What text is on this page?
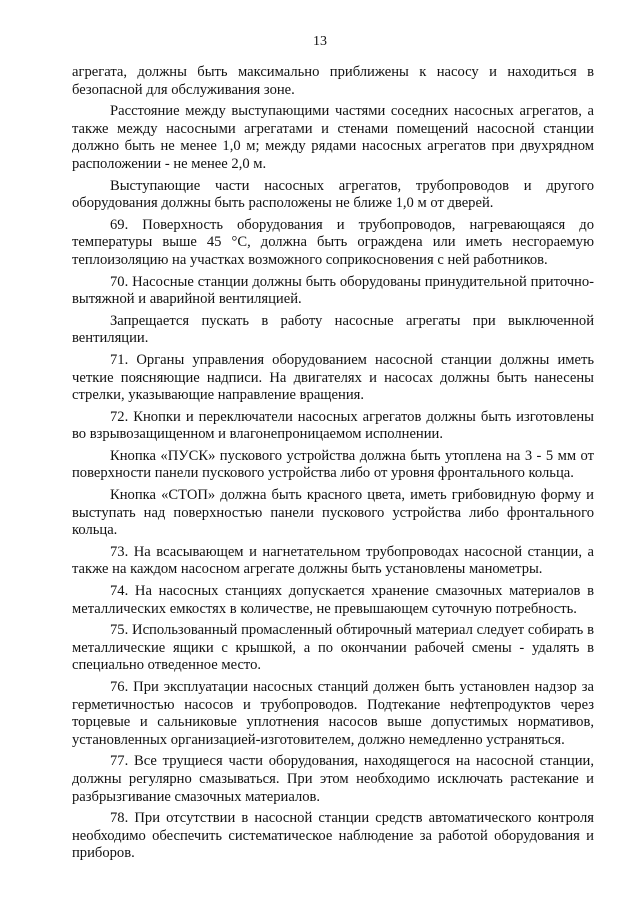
13

агрегата, должны быть максимально приближены к насосу и находиться в безопасной для обслуживания зоне.

Расстояние между выступающими частями соседних насосных агрегатов, а также между насосными агрегатами и стенами помещений насосной станции должно быть не менее 1,0 м; между рядами насосных агрегатов при двухрядном расположении - не менее 2,0 м.

Выступающие части насосных агрегатов, трубопроводов и другого оборудования должны быть расположены не ближе 1,0 м от дверей.

69. Поверхность оборудования и трубопроводов, нагревающаяся до температуры выше 45 °С, должна быть ограждена или иметь несгораемую теплоизоляцию на участках возможного соприкосновения с ней работников.

70. Насосные станции должны быть оборудованы принудительной приточно-вытяжной и аварийной вентиляцией.

Запрещается пускать в работу насосные агрегаты при выключенной вентиляции.

71. Органы управления оборудованием насосной станции должны иметь четкие поясняющие надписи. На двигателях и насосах должны быть нанесены стрелки, указывающие направление вращения.

72. Кнопки и переключатели насосных агрегатов должны быть изготовлены во взрывозащищенном и влагонепроницаемом исполнении.

Кнопка «ПУСК» пускового устройства должна быть утоплена на 3 - 5 мм от поверхности панели пускового устройства либо от уровня фронтального кольца.

Кнопка «СТОП» должна быть красного цвета, иметь грибовидную форму и выступать над поверхностью панели пускового устройства либо фронтального кольца.

73. На всасывающем и нагнетательном трубопроводах насосной станции, а также на каждом насосном агрегате должны быть установлены манометры.

74. На насосных станциях допускается хранение смазочных материалов в металлических емкостях в количестве, не превышающем суточную потребность.

75. Использованный промасленный обтирочный материал следует собирать в металлические ящики с крышкой, а по окончании рабочей смены - удалять в специально отведенное место.

76. При эксплуатации насосных станций должен быть установлен надзор за герметичностью насосов и трубопроводов. Подтекание нефтепродуктов через торцевые и сальниковые уплотнения насосов выше допустимых нормативов, установленных организацией-изготовителем, должно немедленно устраняться.

77. Все трущиеся части оборудования, находящегося на насосной станции, должны регулярно смазываться. При этом необходимо исключать растекание и разбрызгивание смазочных материалов.

78. При отсутствии в насосной станции средств автоматического контроля необходимо обеспечить систематическое наблюдение за работой оборудования и приборов.
